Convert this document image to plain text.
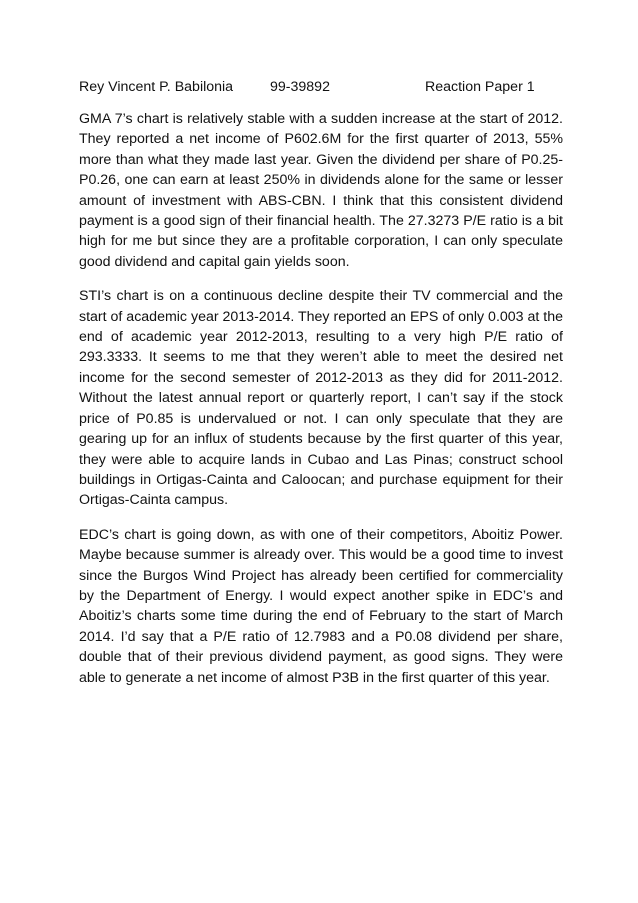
Rey Vincent P. Babilonia	99-39892	Reaction Paper 1

GMA 7’s chart is relatively stable with a sudden increase at the start of 2012. They reported a net income of P602.6M for the first quarter of 2013, 55% more than what they made last year. Given the dividend per share of P0.25-P0.26, one can earn at least 250% in dividends alone for the same or lesser amount of investment with ABS-CBN. I think that this consistent dividend payment is a good sign of their financial health. The 27.3273 P/E ratio is a bit high for me but since they are a profitable corporation, I can only speculate good dividend and capital gain yields soon.

STI’s chart is on a continuous decline despite their TV commercial and the start of academic year 2013-2014. They reported an EPS of only 0.003 at the end of academic year 2012-2013, resulting to a very high P/E ratio of 293.3333. It seems to me that they weren’t able to meet the desired net income for the second semester of 2012-2013 as they did for 2011-2012. Without the latest annual report or quarterly report, I can’t say if the stock price of P0.85 is undervalued or not. I can only speculate that they are gearing up for an influx of students because by the first quarter of this year, they were able to acquire lands in Cubao and Las Pinas; construct school buildings in Ortigas-Cainta and Caloocan; and purchase equipment for their Ortigas-Cainta campus.

EDC’s chart is going down, as with one of their competitors, Aboitiz Power. Maybe because summer is already over. This would be a good time to invest since the Burgos Wind Project has already been certified for commerciality by the Department of Energy. I would expect another spike in EDC’s and Aboitiz’s charts some time during the end of February to the start of March 2014. I’d say that a P/E ratio of 12.7983 and a P0.08 dividend per share, double that of their previous dividend payment, as good signs. They were able to generate a net income of almost P3B in the first quarter of this year.
